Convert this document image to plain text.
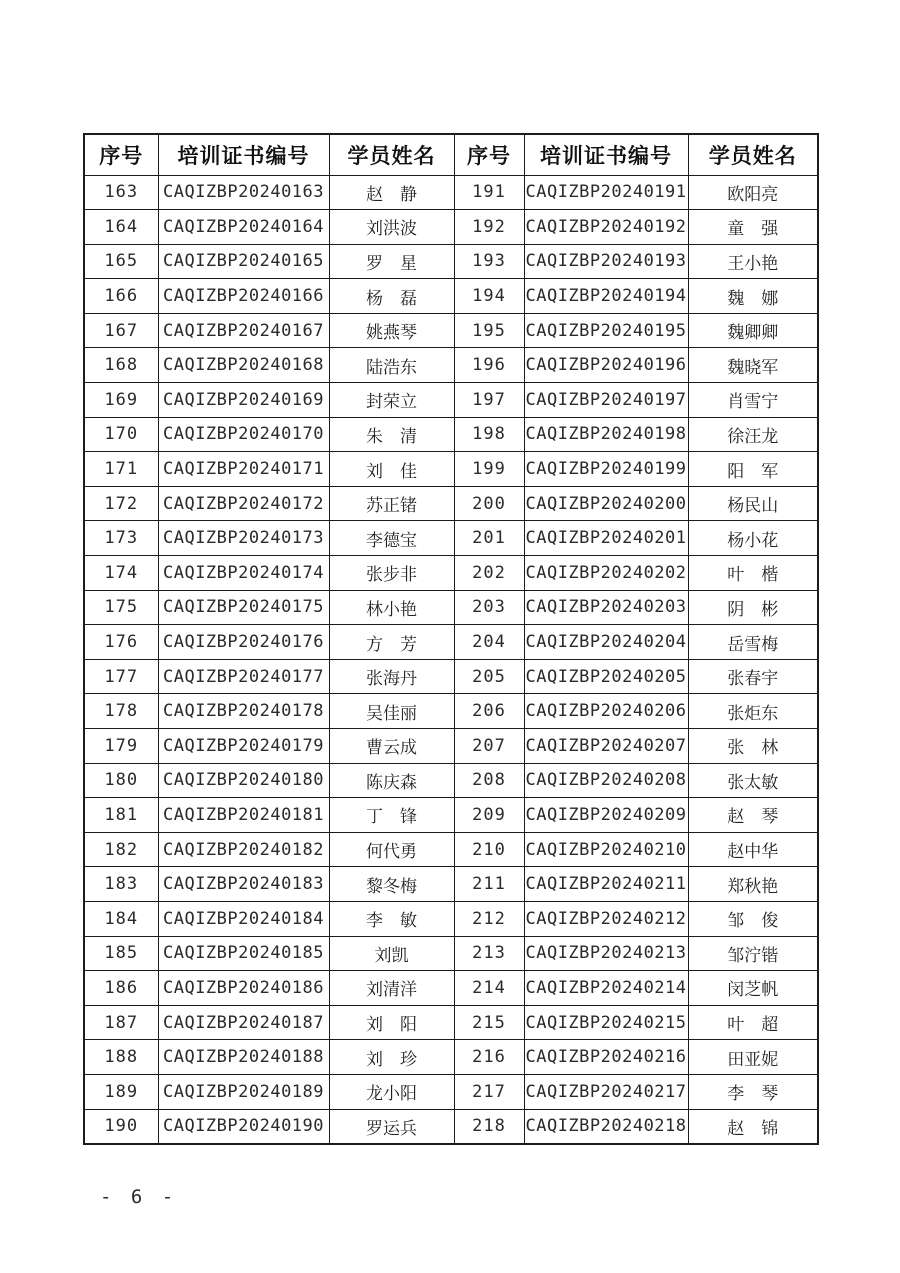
序号	培训证书编号	学员姓名	序号	培训证书编号	学员姓名
163	CAQIZBP20240163	赵　静	191	CAQIZBP20240191	欧阳亮
164	CAQIZBP20240164	刘洪波	192	CAQIZBP20240192	童　强
165	CAQIZBP20240165	罗　星	193	CAQIZBP20240193	王小艳
166	CAQIZBP20240166	杨　磊	194	CAQIZBP20240194	魏　娜
167	CAQIZBP20240167	姚燕琴	195	CAQIZBP20240195	魏卿卿
168	CAQIZBP20240168	陆浩东	196	CAQIZBP20240196	魏晓军
169	CAQIZBP20240169	封荣立	197	CAQIZBP20240197	肖雪宁
170	CAQIZBP20240170	朱　清	198	CAQIZBP20240198	徐汪龙
171	CAQIZBP20240171	刘　佳	199	CAQIZBP20240199	阳　军
172	CAQIZBP20240172	苏正锗	200	CAQIZBP20240200	杨民山
173	CAQIZBP20240173	李德宝	201	CAQIZBP20240201	杨小花
174	CAQIZBP20240174	张步非	202	CAQIZBP20240202	叶　楷
175	CAQIZBP20240175	林小艳	203	CAQIZBP20240203	阴　彬
176	CAQIZBP20240176	方　芳	204	CAQIZBP20240204	岳雪梅
177	CAQIZBP20240177	张海丹	205	CAQIZBP20240205	张春宇
178	CAQIZBP20240178	吴佳丽	206	CAQIZBP20240206	张炬东
179	CAQIZBP20240179	曹云成	207	CAQIZBP20240207	张　林
180	CAQIZBP20240180	陈庆森	208	CAQIZBP20240208	张太敏
181	CAQIZBP20240181	丁　锋	209	CAQIZBP20240209	赵　琴
182	CAQIZBP20240182	何代勇	210	CAQIZBP20240210	赵中华
183	CAQIZBP20240183	黎冬梅	211	CAQIZBP20240211	郑秋艳
184	CAQIZBP20240184	李　敏	212	CAQIZBP20240212	邹　俊
185	CAQIZBP20240185	刘凯	213	CAQIZBP20240213	邹泞锴
186	CAQIZBP20240186	刘清洋	214	CAQIZBP20240214	闵芝帆
187	CAQIZBP20240187	刘　阳	215	CAQIZBP20240215	叶　超
188	CAQIZBP20240188	刘　珍	216	CAQIZBP20240216	田亚妮
189	CAQIZBP20240189	龙小阳	217	CAQIZBP20240217	李　琴
190	CAQIZBP20240190	罗运兵	218	CAQIZBP20240218	赵　锦
- 6 -
